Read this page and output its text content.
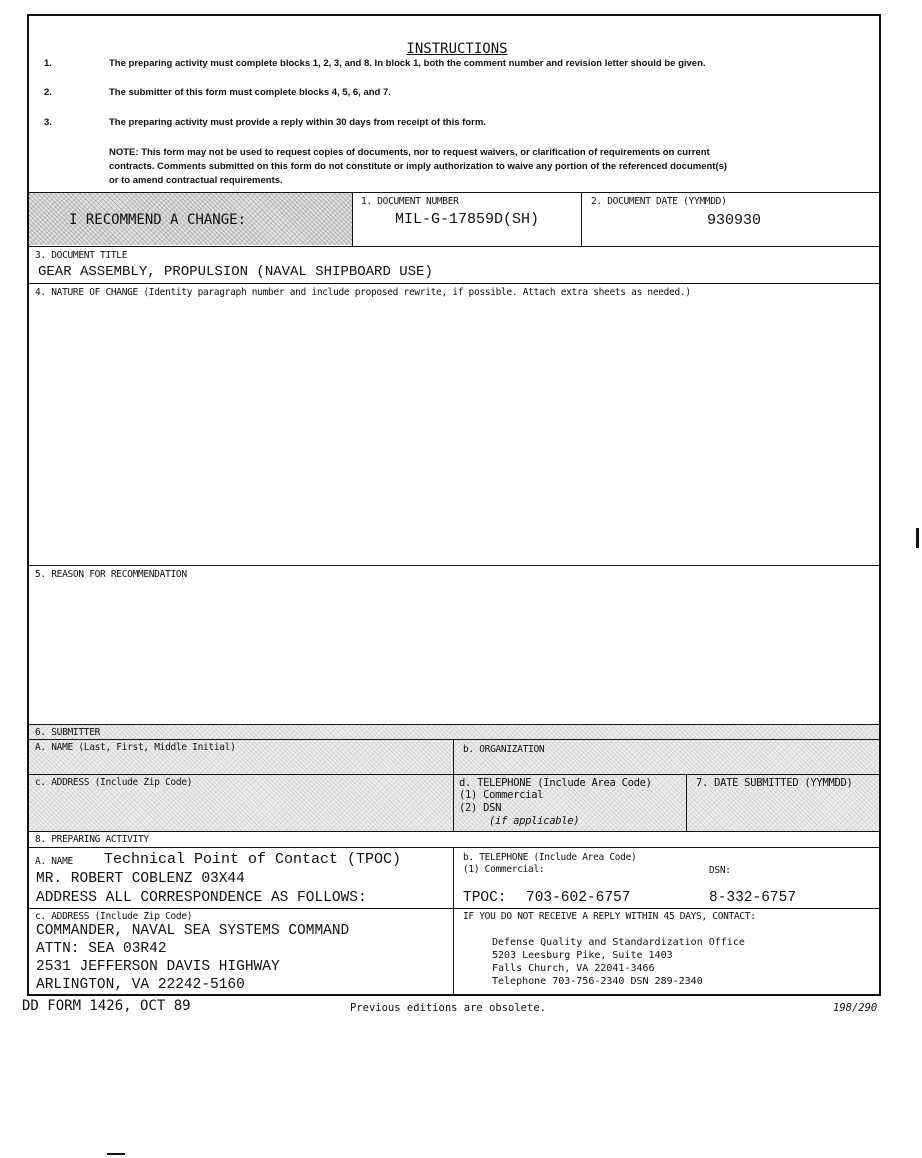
INSTRUCTIONS
1.	The preparing activity must complete blocks 1, 2, 3, and 8. In block 1, both the comment number and revision letter should be given.
2.	The submitter of this form must complete blocks 4, 5, 6, and 7.
3.	The preparing activity must provide a reply within 30 days from receipt of this form.
NOTE: This form may not be used to request copies of documents, nor to request waivers, or clarification of requirements on current
contracts. Comments submitted on this form do not constitute or imply authorization to waive any portion of the referenced document(s)
or to amend contractual requirements.
I RECOMMEND A CHANGE:
1. DOCUMENT NUMBER
MIL-G-17859D(SH)
2. DOCUMENT DATE (YYMMDD)
930930
3. DOCUMENT TITLE
GEAR ASSEMBLY, PROPULSION (NAVAL SHIPBOARD USE)
4. NATURE OF CHANGE (Identity paragraph number and include proposed rewrite, if possible. Attach extra sheets as needed.)
5. REASON FOR RECOMMENDATION
6. SUBMITTER
A. NAME (Last, First, Middle Initial)	b. ORGANIZATION
c. ADDRESS (Include Zip Code)	d. TELEPHONE (Include Area Code)
(1) Commercial
(2) DSN
(if applicable)
7. DATE SUBMITTED (YYMMDD)
8. PREPARING ACTIVITY
A. NAME Technical Point of Contact (TPOC)
MR. ROBERT COBLENZ 03X44
ADDRESS ALL CORRESPONDENCE AS FOLLOWS:
b. TELEPHONE (Include Area Code)
(1) Commercial:	DSN:
TPOC: 703-602-6757	8-332-6757
c. ADDRESS (Include Zip Code)
COMMANDER, NAVAL SEA SYSTEMS COMMAND
ATTN: SEA 03R42
2531 JEFFERSON DAVIS HIGHWAY
ARLINGTON, VA 22242-5160
IF YOU DO NOT RECEIVE A REPLY WITHIN 45 DAYS, CONTACT:
Defense Quality and Standardization Office
5203 Leesburg Pike, Suite 1403
Falls Church, VA 22041-3466
Telephone 703-756-2340 DSN 289-2340
DD FORM 1426, OCT 89	Previous editions are obsolete.	198/290
